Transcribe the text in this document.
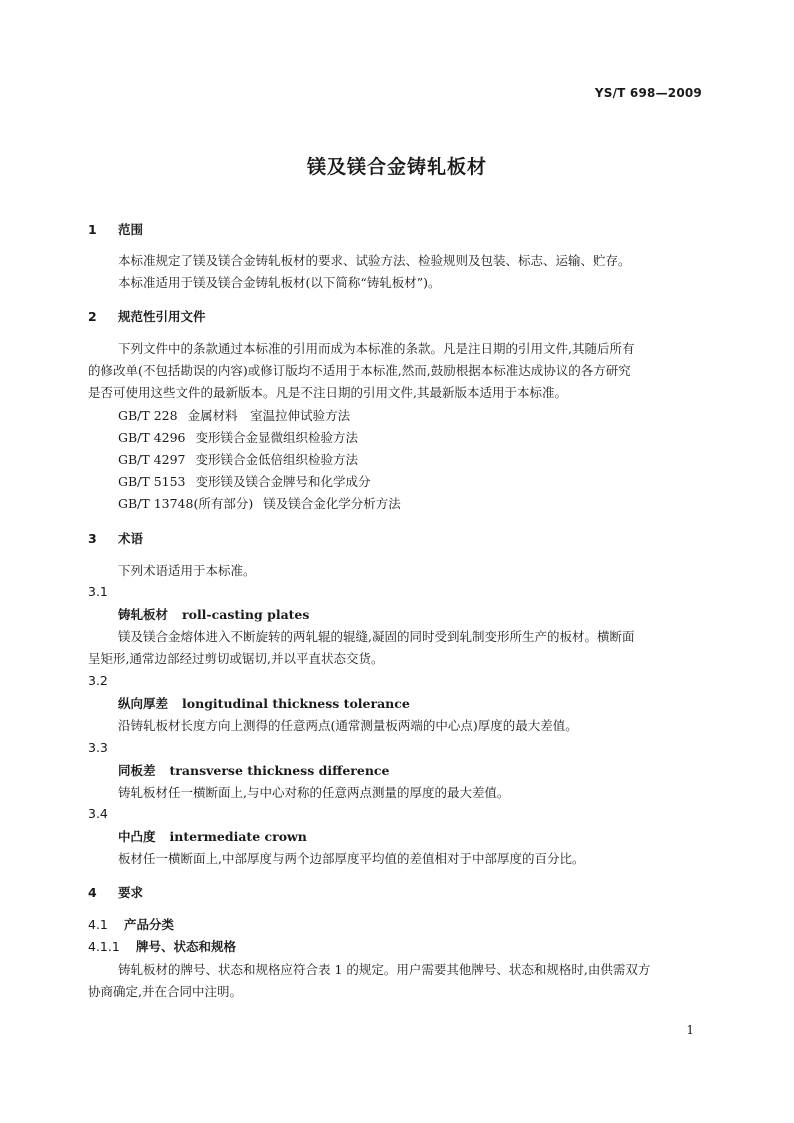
YS/T 698—2009
镁及镁合金铸轧板材
1 范围
本标准规定了镁及镁合金铸轧板材的要求、试验方法、检验规则及包装、标志、运输、贮存。
本标准适用于镁及镁合金铸轧板材(以下简称“铸轧板材”)。
2 规范性引用文件
下列文件中的条款通过本标准的引用而成为本标准的条款。凡是注日期的引用文件,其随后所有
的修改单(不包括勘误的内容)或修订版均不适用于本标准,然而,鼓励根据本标准达成协议的各方研究
是否可使用这些文件的最新版本。凡是不注日期的引用文件,其最新版本适用于本标准。
GB/T 228 金属材料　室温拉伸试验方法
GB/T 4296 变形镁合金显微组织检验方法
GB/T 4297 变形镁合金低倍组织检验方法
GB/T 5153 变形镁及镁合金牌号和化学成分
GB/T 13748(所有部分) 镁及镁合金化学分析方法
3 术语
下列术语适用于本标准。
3.1
铸轧板材 roll-casting plates
镁及镁合金熔体进入不断旋转的两轧辊的辊缝,凝固的同时受到轧制变形所生产的板材。横断面
呈矩形,通常边部经过剪切或锯切,并以平直状态交货。
3.2
纵向厚差 longitudinal thickness tolerance
沿铸轧板材长度方向上测得的任意两点(通常测量板两端的中心点)厚度的最大差值。
3.3
同板差 transverse thickness difference
铸轧板材任一横断面上,与中心对称的任意两点测量的厚度的最大差值。
3.4
中凸度 intermediate crown
板材任一横断面上,中部厚度与两个边部厚度平均值的差值相对于中部厚度的百分比。
4 要求
4.1 产品分类
4.1.1 牌号、状态和规格
铸轧板材的牌号、状态和规格应符合表 1 的规定。用户需要其他牌号、状态和规格时,由供需双方
协商确定,并在合同中注明。
1
